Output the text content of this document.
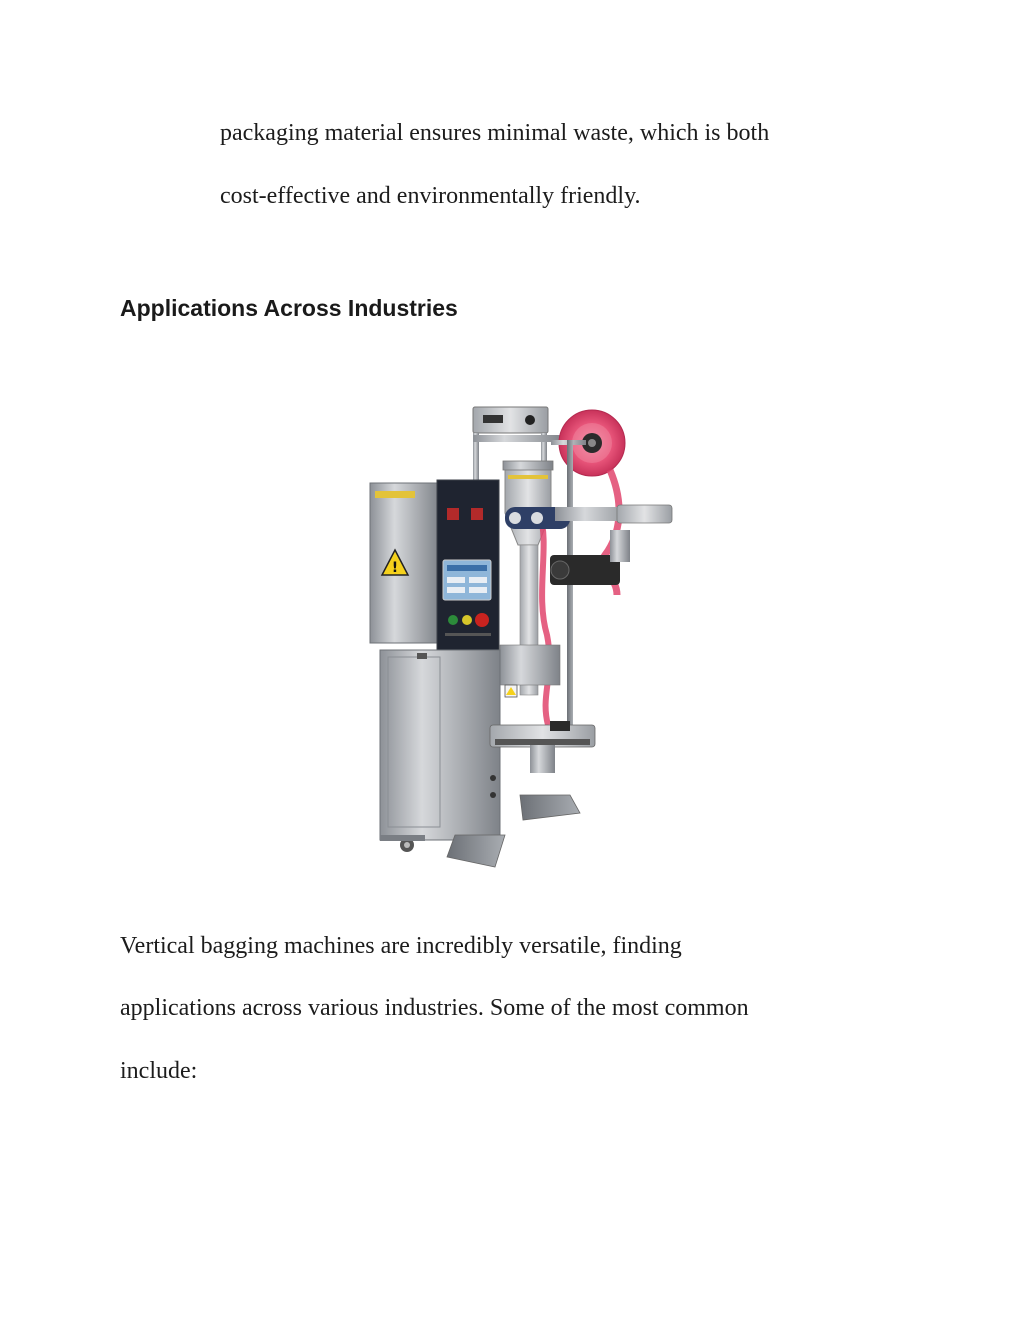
packaging material ensures minimal waste, which is both
cost-effective and environmentally friendly.
Applications Across Industries
!
Vertical bagging machines are incredibly versatile, finding
applications across various industries. Some of the most common
include:
